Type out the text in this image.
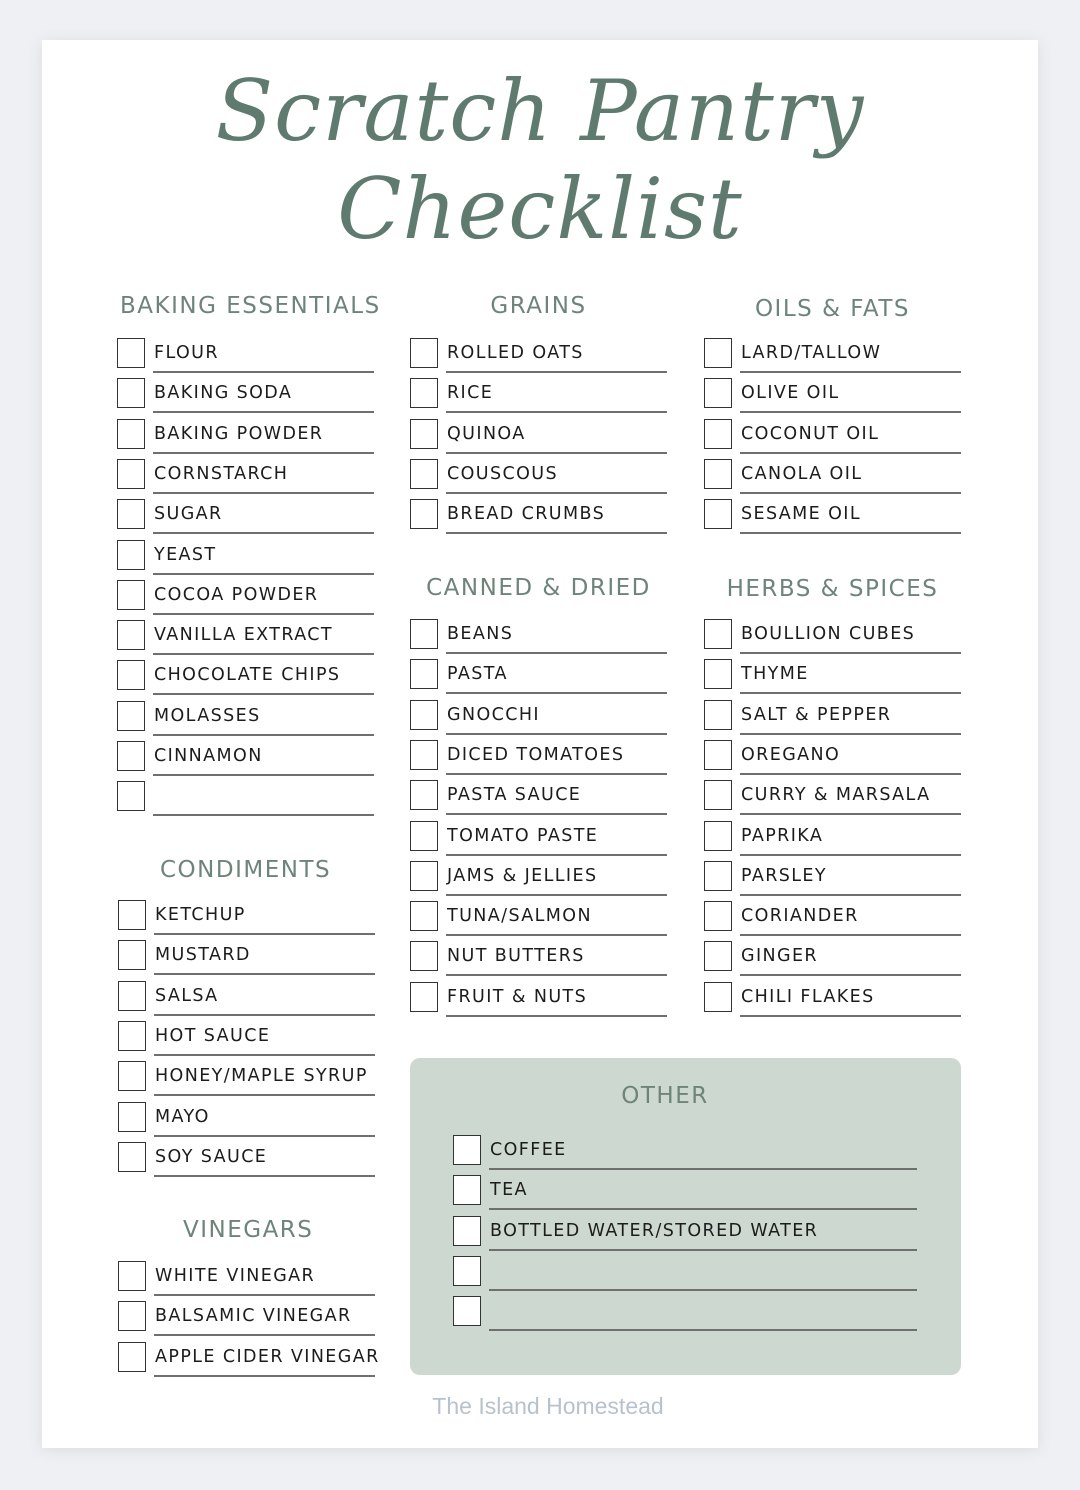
Scratch Pantry Checklist
BAKING ESSENTIALS
FLOUR
BAKING SODA
BAKING POWDER
CORNSTARCH
SUGAR
YEAST
COCOA POWDER
VANILLA EXTRACT
CHOCOLATE CHIPS
MOLASSES
CINNAMON
CONDIMENTS
KETCHUP
MUSTARD
SALSA
HOT SAUCE
HONEY/MAPLE SYRUP
MAYO
SOY SAUCE
VINEGARS
WHITE VINEGAR
BALSAMIC VINEGAR
APPLE CIDER VINEGAR
GRAINS
ROLLED OATS
RICE
QUINOA
COUSCOUS
BREAD CRUMBS
CANNED & DRIED
BEANS
PASTA
GNOCCHI
DICED TOMATOES
PASTA SAUCE
TOMATO PASTE
JAMS & JELLIES
TUNA/SALMON
NUT BUTTERS
FRUIT & NUTS
OILS & FATS
LARD/TALLOW
OLIVE OIL
COCONUT OIL
CANOLA OIL
SESAME OIL
HERBS & SPICES
BOULLION CUBES
THYME
SALT & PEPPER
OREGANO
CURRY & MARSALA
PAPRIKA
PARSLEY
CORIANDER
GINGER
CHILI FLAKES
OTHER
COFFEE
TEA
BOTTLED WATER/STORED WATER
The Island Homestead
